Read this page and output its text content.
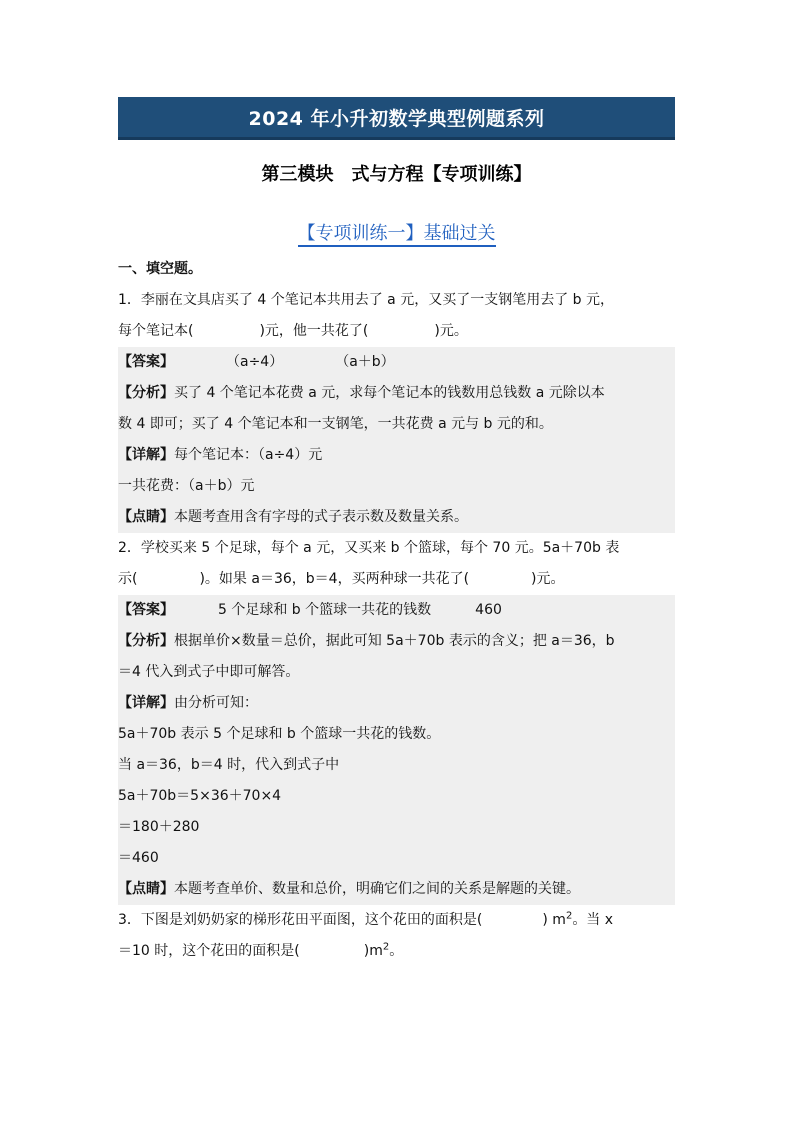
2024 年小升初数学典型例题系列
第三模块　式与方程【专项训练】
【专项训练一】基础过关
一、填空题。
1．李丽在文具店买了 4 个笔记本共用去了 a 元，又买了一支钢笔用去了 b 元，
每个笔记本(	)元，他一共花了(	)元。
【答案】	（a÷4）	（a＋b）
【分析】买了 4 个笔记本花费 a 元，求每个笔记本的钱数用总钱数 a 元除以本
数 4 即可；买了 4 个笔记本和一支钢笔，一共花费 a 元与 b 元的和。
【详解】每个笔记本：（a÷4）元
一共花费：（a＋b）元
【点睛】本题考查用含有字母的式子表示数及数量关系。
2．学校买来 5 个足球，每个 a 元，又买来 b 个篮球，每个 70 元。5a＋70b 表
示(	)。如果 a＝36，b＝4，买两种球一共花了(	)元。
【答案】	5 个足球和 b 个篮球一共花的钱数	460
【分析】根据单价×数量＝总价，据此可知 5a＋70b 表示的含义；把 a＝36，b
＝4 代入到式子中即可解答。
【详解】由分析可知：
5a＋70b 表示 5 个足球和 b 个篮球一共花的钱数。
当 a＝36，b＝4 时，代入到式子中
5a＋70b＝5×36＋70×4
＝180＋280
＝460
【点睛】本题考查单价、数量和总价，明确它们之间的关系是解题的关键。
3．下图是刘奶奶家的梯形花田平面图，这个花田的面积是(	) $m^2$。当 x
＝10 时，这个花田的面积是(	)$m^2$。
